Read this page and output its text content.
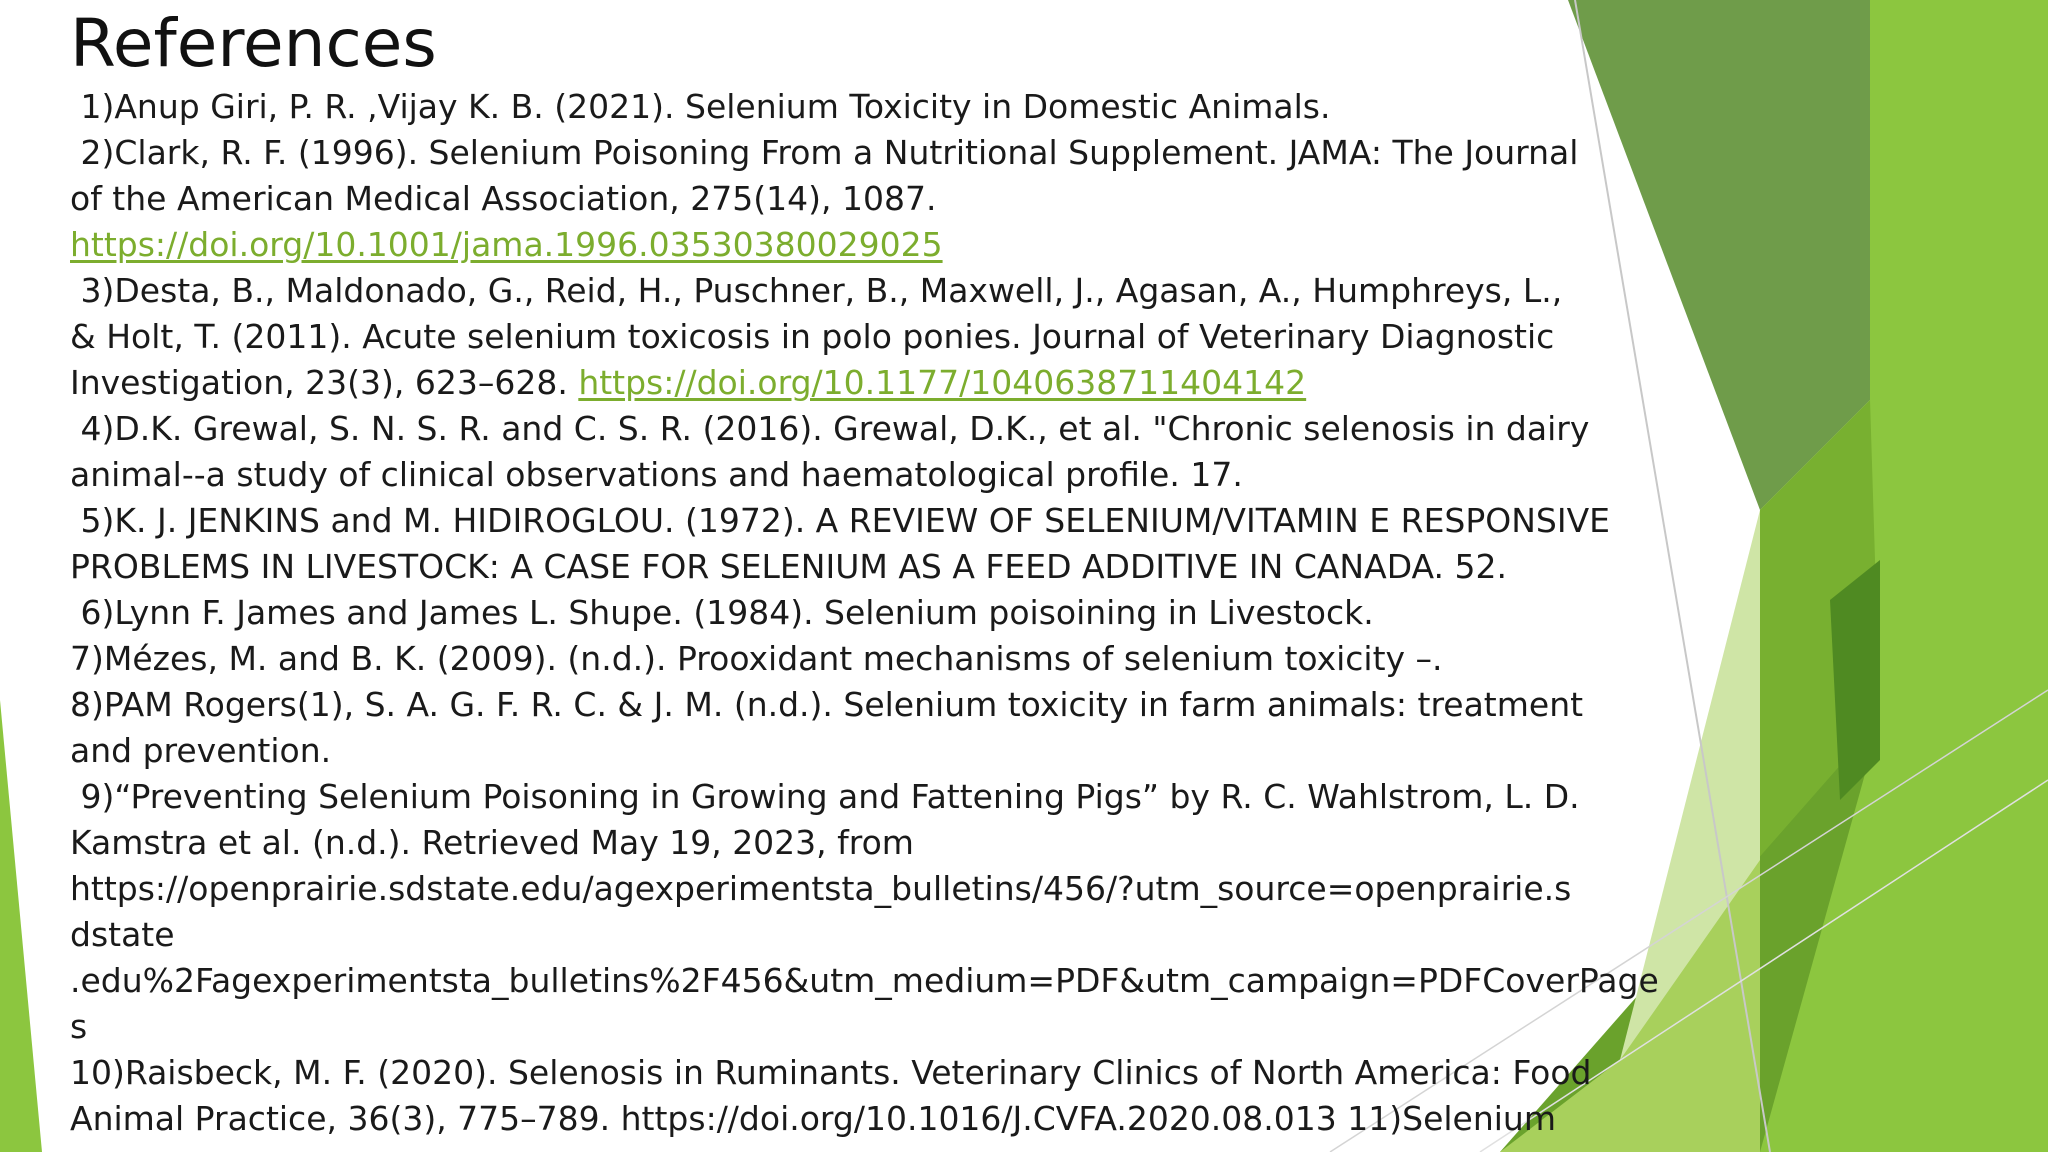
References
1)Anup Giri, P. R. ,Vijay K. B. (2021). Selenium Toxicity in Domestic Animals.
2)Clark, R. F. (1996). Selenium Poisoning From a Nutritional Supplement. JAMA: The Journal
of the American Medical Association, 275(14), 1087.
https://doi.org/10.1001/jama.1996.03530380029025
3)Desta, B., Maldonado, G., Reid, H., Puschner, B., Maxwell, J., Agasan, A., Humphreys, L.,
& Holt, T. (2011). Acute selenium toxicosis in polo ponies. Journal of Veterinary Diagnostic
Investigation, 23(3), 623–628. https://doi.org/10.1177/1040638711404142
4)D.K. Grewal, S. N. S. R. and C. S. R. (2016). Grewal, D.K., et al. "Chronic selenosis in dairy
animal--a study of clinical observations and haematological profile. 17.
5)K. J. JENKINS and M. HIDIROGLOU. (1972). A REVIEW OF SELENIUM/VITAMIN E RESPONSIVE
PROBLEMS IN LIVESTOCK: A CASE FOR SELENIUM AS A FEED ADDITIVE IN CANADA. 52.
6)Lynn F. James and James L. Shupe. (1984). Selenium poisoining in Livestock.
7)Mézes, M. and B. K. (2009). (n.d.). Prooxidant mechanisms of selenium toxicity –.
8)PAM Rogers(1), S. A. G. F. R. C. & J. M. (n.d.). Selenium toxicity in farm animals: treatment
and prevention.
9)“Preventing Selenium Poisoning in Growing and Fattening Pigs” by R. C. Wahlstrom, L. D.
Kamstra et al. (n.d.). Retrieved May 19, 2023, from
https://openprairie.sdstate.edu/agexperimentsta_bulletins/456/?utm_source=openprairie.s
dstate
.edu%2Fagexperimentsta_bulletins%2F456&utm_medium=PDF&utm_campaign=PDFCoverPage
s
10)Raisbeck, M. F. (2020). Selenosis in Ruminants. Veterinary Clinics of North America: Food
Animal Practice, 36(3), 775–789. https://doi.org/10.1016/J.CVFA.2020.08.013 11)Selenium
